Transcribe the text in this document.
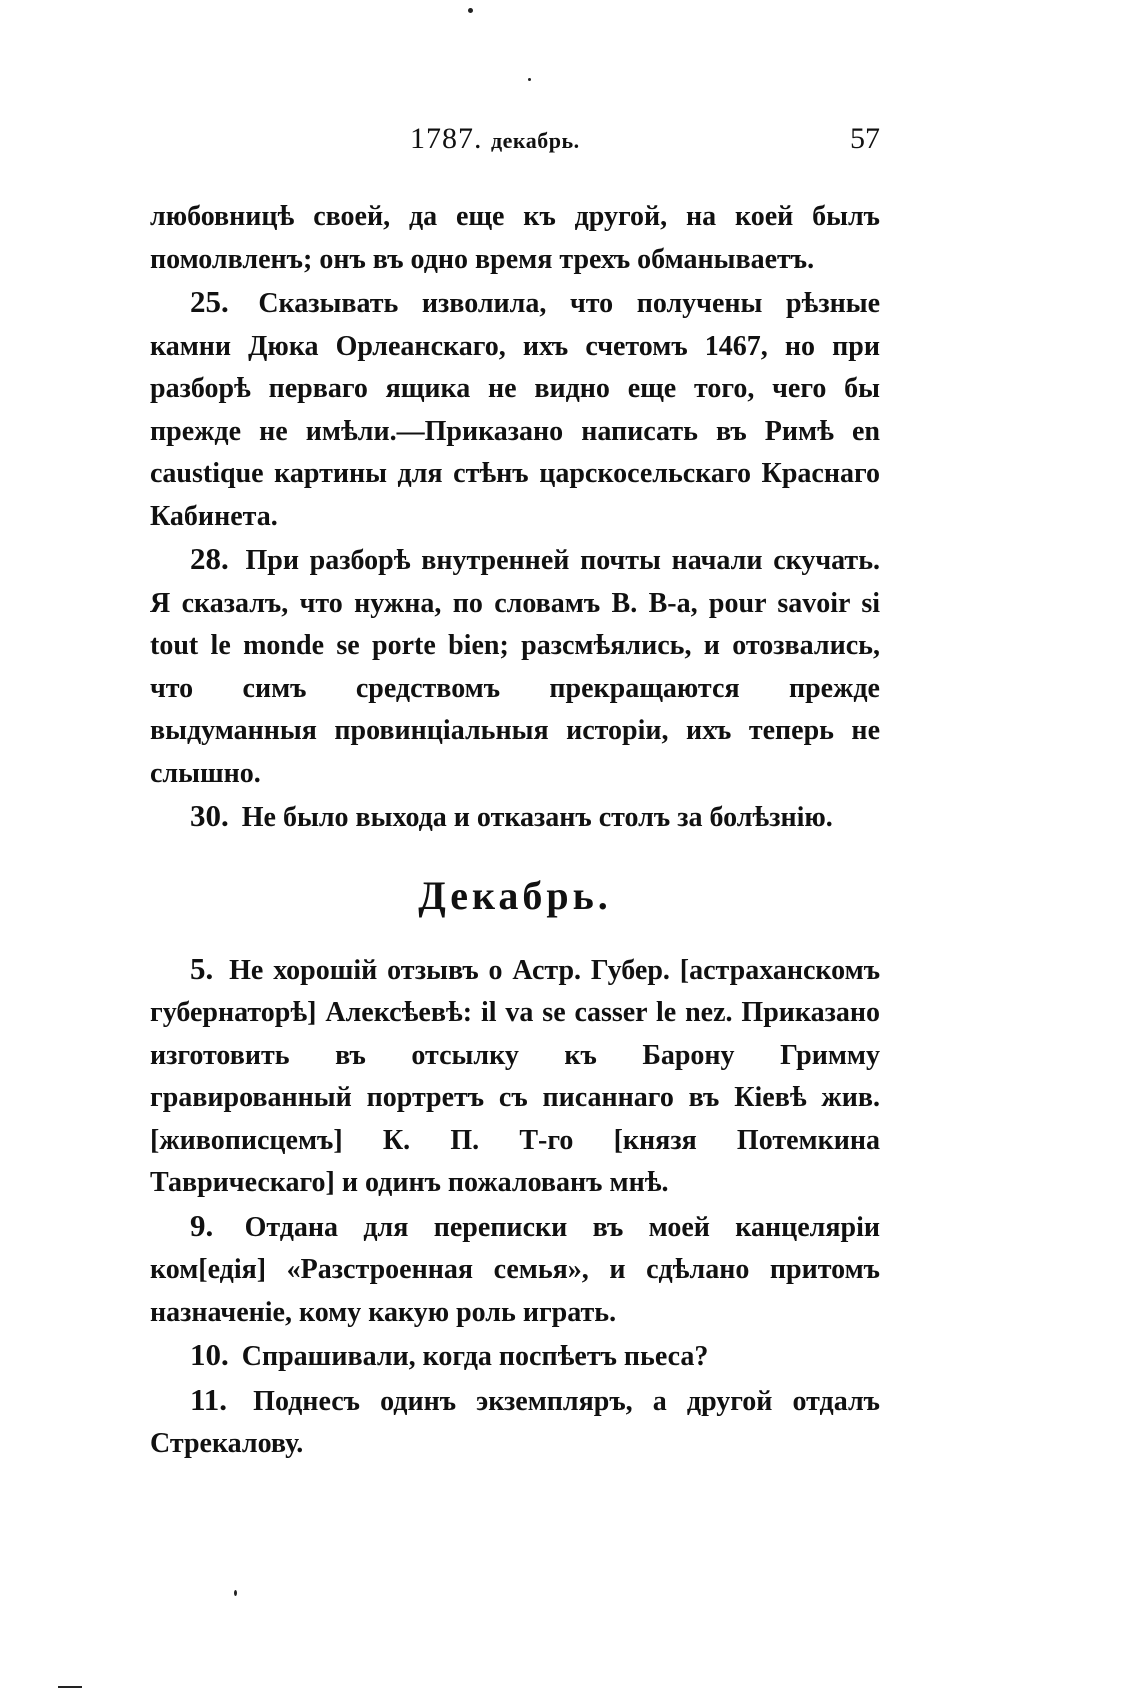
1787. декабрь.	57

любовницѣ своей, да еще къ другой, на коей былъ помолвленъ; онъ въ одно время трехъ обманываетъ.

25. Сказывать изволила, что получены рѣзные камни Дюка Орлеанскаго, ихъ счетомъ 1467, но при разборѣ перваго ящика не видно еще того, чего бы прежде не имѣли.—Приказано написать въ Римѣ en caustique картины для стѣнъ царскосельскаго Краснаго Кабинета.

28. При разборѣ внутренней почты начали скучать. Я сказалъ, что нужна, по словамъ В. В-а, pour savoir si tout le monde se porte bien; разсмѣялись, и отозвались, что симъ средствомъ прекращаются прежде выдуманныя провинціальныя исторіи, ихъ теперь не слышно.

30. Не было выхода и отказанъ столъ за болѣзнію.

Декабрь.

5. Не хорошій отзывъ о Астр. Губер. [астраханскомъ губернаторѣ] Алексѣевѣ: il va se casser le nez. Приказано изготовить въ отсылку къ Барону Гримму гравированный портретъ съ писаннаго въ Кіевѣ жив. [живописцемъ] К. П. Т-го [князя Потемкина Таврическаго] и одинъ пожалованъ мнѣ.

9. Отдана для переписки въ моей канцеляріи ком[едія] «Разстроенная семья», и сдѣлано притомъ назначеніе, кому какую роль играть.

10. Спрашивали, когда поспѣетъ пьеса?

11. Поднесъ одинъ экземпляръ, а другой отдалъ Стрекалову.
